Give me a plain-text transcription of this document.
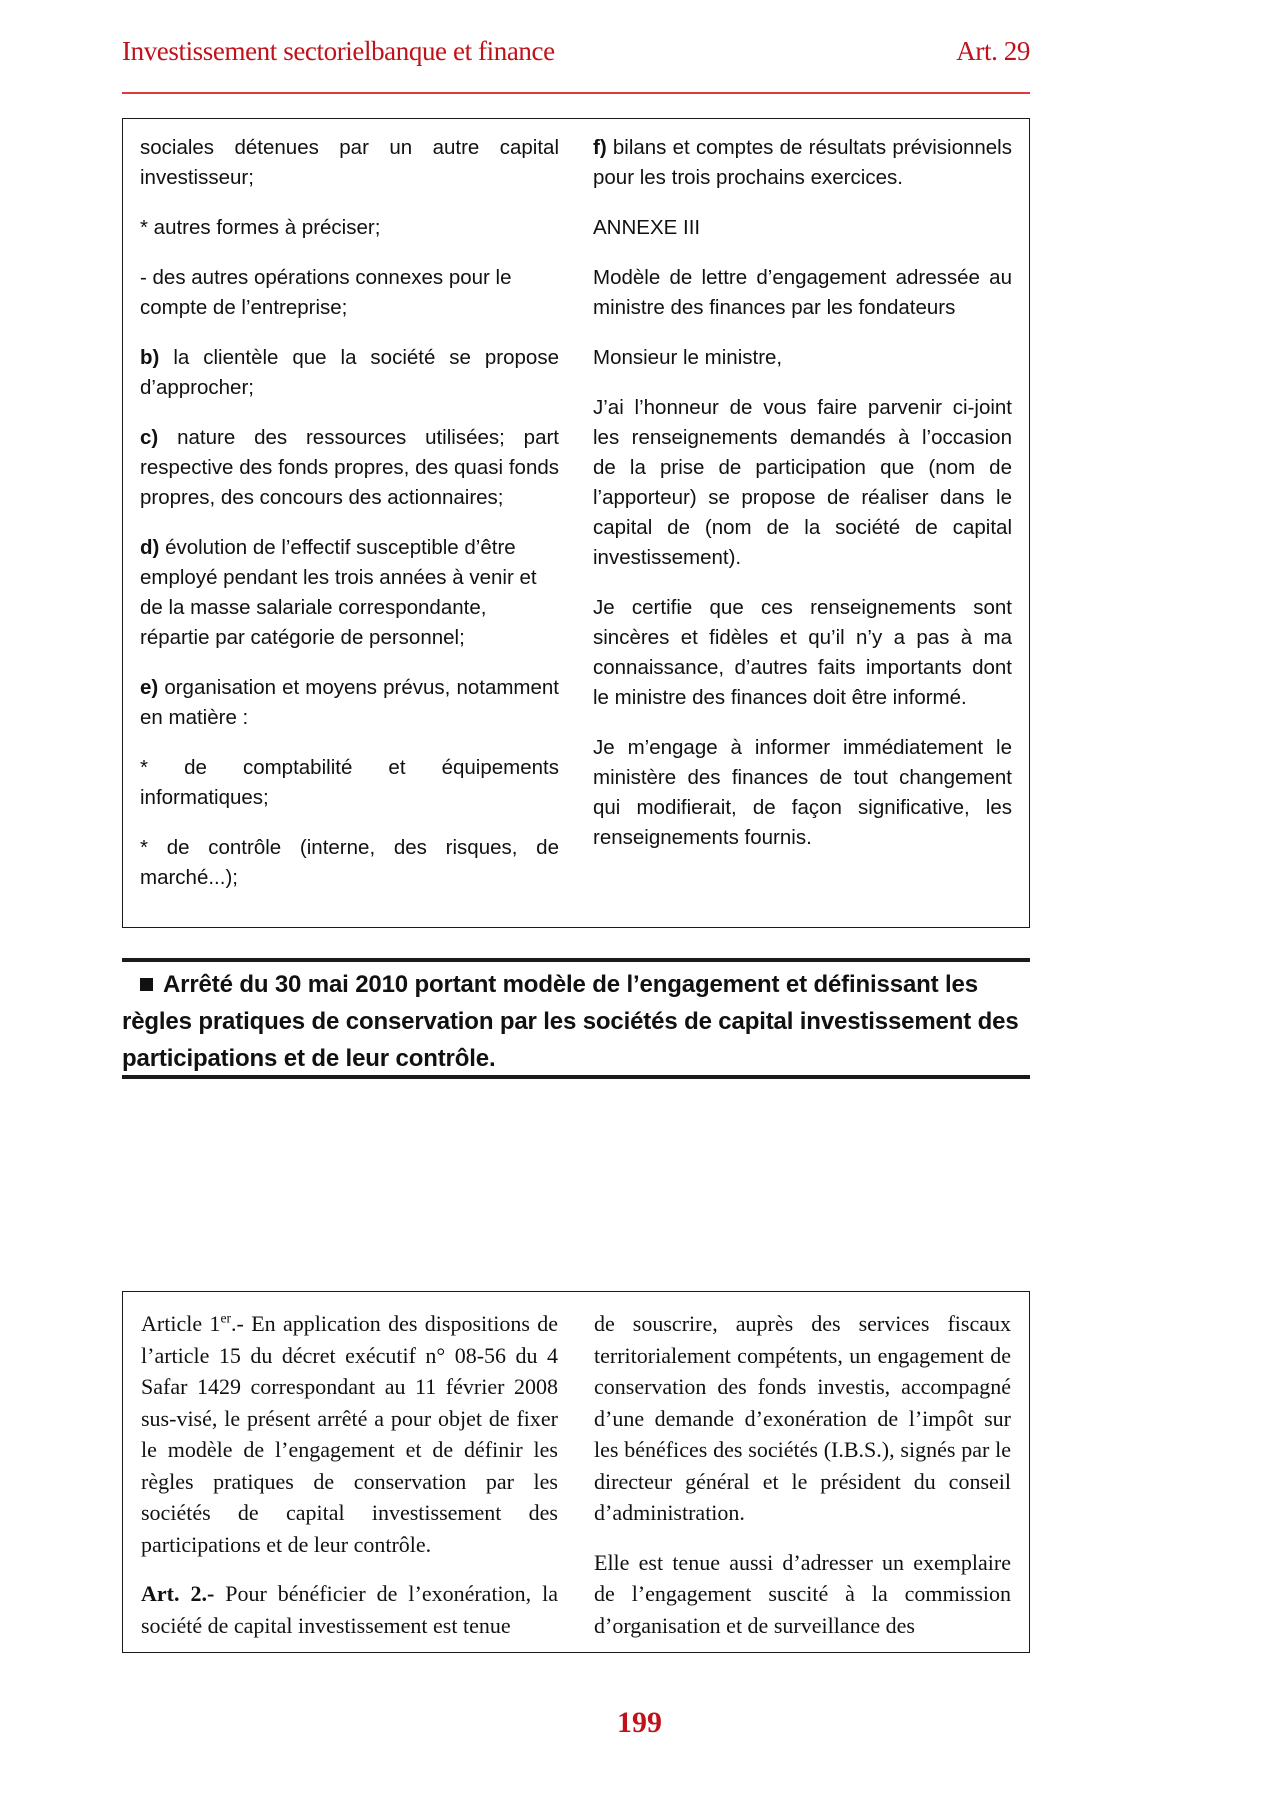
Investissement sectorielbanque et finance	Art. 29

sociales détenues par un autre capital investisseur;

* autres formes à préciser;

- des autres opérations connexes pour le compte de l’entreprise;

b) la clientèle que la société se propose d’approcher;

c) nature des ressources utilisées; part respective des fonds propres, des quasi fonds propres, des concours des actionnaires;

d) évolution de l’effectif susceptible d’être employé pendant les trois années à venir et de la masse salariale correspondante, répartie par catégorie de personnel;

e) organisation et moyens prévus, notamment en matière :

* de comptabilité et équipements informatiques;

* de contrôle (interne, des risques, de marché...);

f) bilans et comptes de résultats prévisionnels pour les trois prochains exercices.

ANNEXE III

Modèle de lettre d’engagement adressée au ministre des finances par les fondateurs

Monsieur le ministre,

J’ai l’honneur de vous faire parvenir ci-joint les renseignements demandés à l’occasion de la prise de participation que (nom de l’apporteur) se propose de réaliser dans le capital de (nom de la société de capital investissement).

Je certifie que ces renseignements sont sincères et fidèles et qu’il n’y a pas à ma connaissance, d’autres faits importants dont le ministre des finances doit être informé.

Je m’engage à informer immédiatement le ministère des finances de tout changement qui modifierait, de façon significative, les renseignements fournis.

Arrêté du 30 mai 2010 portant modèle de l’engagement et définissant les règles pratiques de conservation par les sociétés de capital investissement des participations et de leur contrôle.

Article 1er.- En application des dispositions de l’article 15 du décret exécutif n° 08-56 du 4 Safar 1429 correspondant au 11 février 2008 sus-visé, le présent arrêté a pour objet de fixer le modèle de l’engagement et de définir les règles pratiques de conservation par les sociétés de capital investissement des participations et de leur contrôle.

Art. 2.- Pour bénéficier de l’exonération, la société de capital investissement est tenue

de souscrire, auprès des services fiscaux territorialement compétents, un engagement de conservation des fonds investis, accompagné d’une demande d’exonération de l’impôt sur les bénéfices des sociétés (I.B.S.), signés par le directeur général et le président du conseil d’administration.

Elle est tenue aussi d’adresser un exemplaire de l’engagement suscité à la commission d’organisation et de surveillance des

199
